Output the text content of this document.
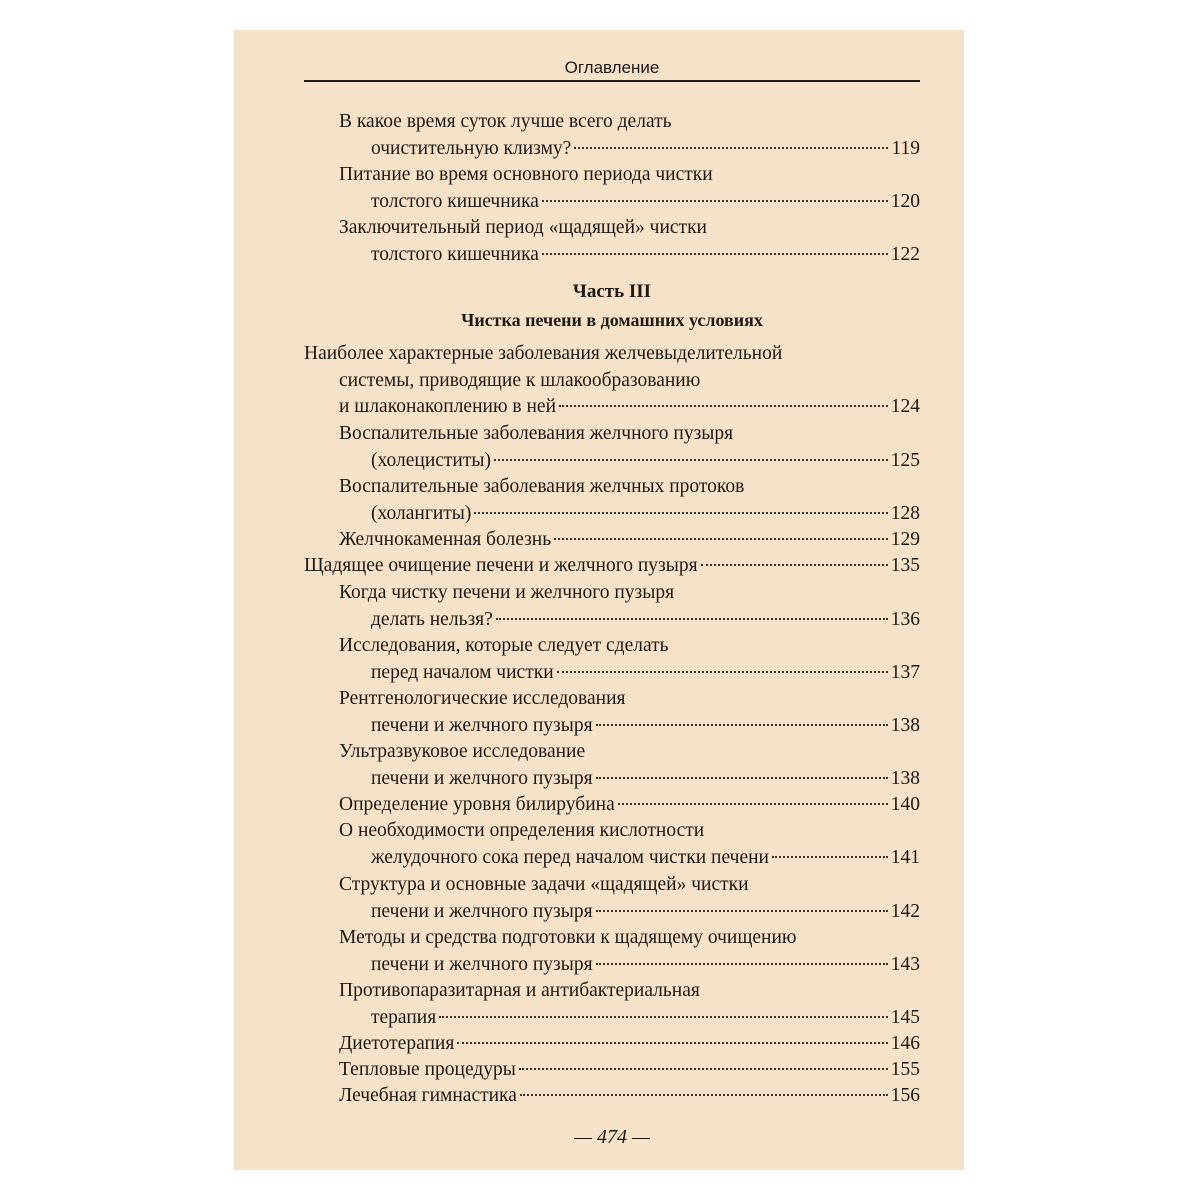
Оглавление
Часть III
Чистка печени в домашних условиях
В какое время суток лучше всего делать
очистительную клизму?	119
Питание во время основного периода чистки
толстого кишечника	120
Заключительный период «щадящей» чистки
толстого кишечника	122
Наиболее характерные заболевания желчевыделительной
системы, приводящие к шлакообразованию
и шлаконакоплению в ней	124
Воспалительные заболевания желчного пузыря
(холециститы)	125
Воспалительные заболевания желчных протоков
(холангиты)	128
Желчнокаменная болезнь	129
Щадящее очищение печени и желчного пузыря	135
Когда чистку печени и желчного пузыря
делать нельзя?	136
Исследования, которые следует сделать
перед началом чистки	137
Рентгенологические исследования
печени и желчного пузыря	138
Ультразвуковое исследование
печени и желчного пузыря	138
Определение уровня билирубина	140
О необходимости определения кислотности
желудочного сока перед началом чистки печени	141
Структура и основные задачи «щадящей» чистки
печени и желчного пузыря	142
Методы и средства подготовки к щадящему очищению
печени и желчного пузыря	143
Противопаразитарная и антибактериальная
терапия	145
Диетотерапия	146
Тепловые процедуры	155
Лечебная гимнастика	156
— 474 —
